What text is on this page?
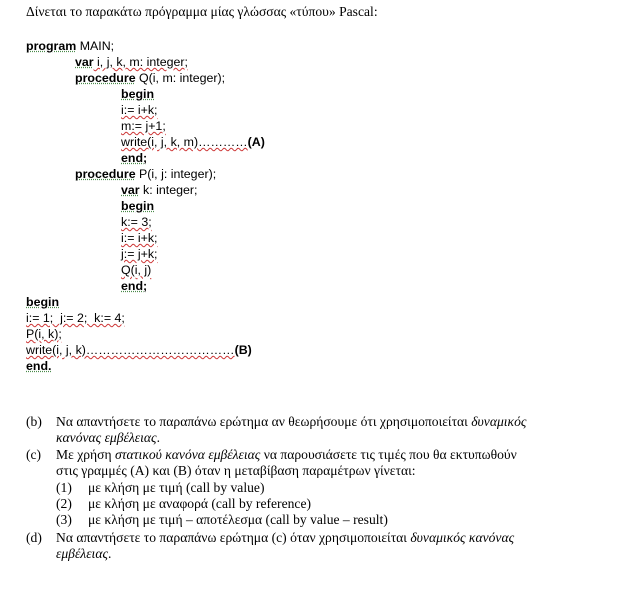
Δίνεται το παρακάτω πρόγραμμα μίας γλώσσας «τύπου» Pascal:
program MAIN;
var i, j, k, m: integer;
procedure Q(i, m: integer);
begin
i:= i+k;
m:= j+1;
write(i, j, k, m)…………(A)
end;
procedure P(i, j: integer);
var k: integer;
begin
k:= 3;
i:= i+k;
j:= j+k;
Q(i, j)
end;
begin
i:= 1;  j:= 2;  k:= 4;
P(i, k);
write(i, j, k)………………………………(B)
end.
(b)	Να απαντήσετε το παραπάνω ερώτημα αν θεωρήσουμε ότι χρησιμοποιείται δυναμικός
κανόνας εμβέλειας.
(c)	Με χρήση στατικού κανόνα εμβέλειας να παρουσιάσετε τις τιμές που θα εκτυπωθούν
στις γραμμές (A) και (B) όταν η μεταβίβαση παραμέτρων γίνεται:
(1) με κλήση με τιμή (call by value)
(2) με κλήση με αναφορά (call by reference)
(3) με κλήση με τιμή – αποτέλεσμα (call by value – result)
(d)	Να απαντήσετε το παραπάνω ερώτημα (c) όταν χρησιμοποιείται δυναμικός κανόνας
εμβέλειας.
